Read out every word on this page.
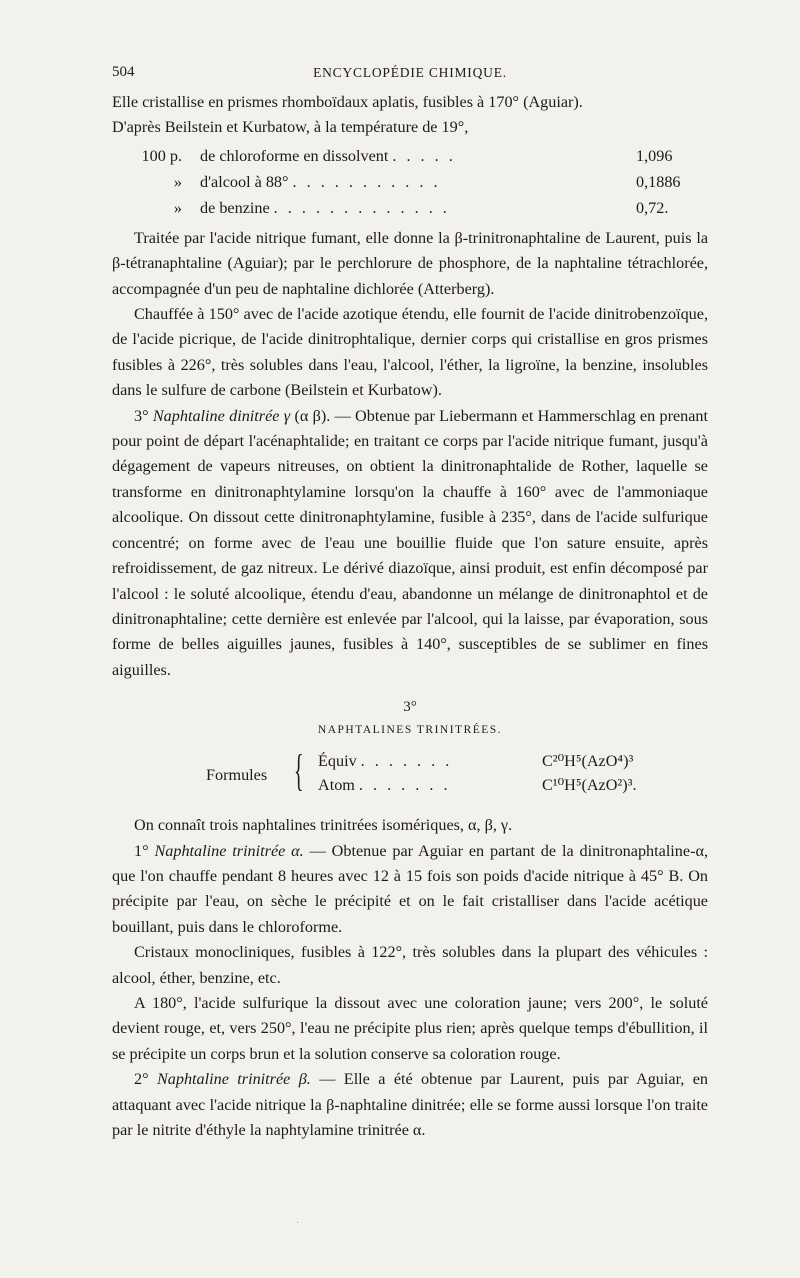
504	ENCYCLOPÉDIE CHIMIQUE.

Elle cristallise en prismes rhomboïdaux aplatis, fusibles à 170° (Aguiar).

D'après Beilstein et Kurbatow, à la température de 19°,

100 p.	de chloroforme en dissolvent . . . . .	1,096
»	d'alcool à 88° . . . . . . . . . . .	0,1886
»	de benzine . . . . . . . . . . . . .	0,72.

Traitée par l'acide nitrique fumant, elle donne la β-trinitronaphtaline de Laurent, puis la β-tétranaphtaline (Aguiar); par le perchlorure de phosphore, de la naphtaline tétrachlorée, accompagnée d'un peu de naphtaline dichlorée (Atterberg).

Chauffée à 150° avec de l'acide azotique étendu, elle fournit de l'acide dinitrobenzoïque, de l'acide picrique, de l'acide dinitrophtalique, dernier corps qui cristallise en gros prismes fusibles à 226°, très solubles dans l'eau, l'alcool, l'éther, la ligroïne, la benzine, insolubles dans le sulfure de carbone (Beilstein et Kurbatow).

3° Naphtaline dinitrée γ (α β). — Obtenue par Liebermann et Hammerschlag en prenant pour point de départ l'acénaphtalide; en traitant ce corps par l'acide nitrique fumant, jusqu'à dégagement de vapeurs nitreuses, on obtient la dinitronaphtalide de Rother, laquelle se transforme en dinitronaphtylamine lorsqu'on la chauffe à 160° avec de l'ammoniaque alcoolique. On dissout cette dinitronaphtylamine, fusible à 235°, dans de l'acide sulfurique concentré; on forme avec de l'eau une bouillie fluide que l'on sature ensuite, après refroidissement, de gaz nitreux. Le dérivé diazoïque, ainsi produit, est enfin décomposé par l'alcool : le soluté alcoolique, étendu d'eau, abandonne un mélange de dinitronaphtol et de dinitronaphtaline; cette dernière est enlevée par l'alcool, qui la laisse, par évaporation, sous forme de belles aiguilles jaunes, fusibles à 140°, susceptibles de se sublimer en fines aiguilles.

3°
NAPHTALINES TRINITRÉES.
Formules { Équiv . . . . . . .	C²⁰H⁵(AzO⁴)³
Atom . . . . . . .	C¹⁰H⁵(AzO²)³.

On connaît trois naphtalines trinitrées isomériques, α, β, γ.

1° Naphtaline trinitrée α. — Obtenue par Aguiar en partant de la dinitronaphtaline-α, que l'on chauffe pendant 8 heures avec 12 à 15 fois son poids d'acide nitrique à 45° B. On précipite par l'eau, on sèche le précipité et on le fait cristalliser dans l'acide acétique bouillant, puis dans le chloroforme.

Cristaux monocliniques, fusibles à 122°, très solubles dans la plupart des véhicules : alcool, éther, benzine, etc.

A 180°, l'acide sulfurique la dissout avec une coloration jaune; vers 200°, le soluté devient rouge, et, vers 250°, l'eau ne précipite plus rien; après quelque temps d'ébullition, il se précipite un corps brun et la solution conserve sa coloration rouge.

2° Naphtaline trinitrée β. — Elle a été obtenue par Laurent, puis par Aguiar, en attaquant avec l'acide nitrique la β-naphtaline dinitrée; elle se forme aussi lorsque l'on traite par le nitrite d'éthyle la naphtylamine trinitrée α.

·
